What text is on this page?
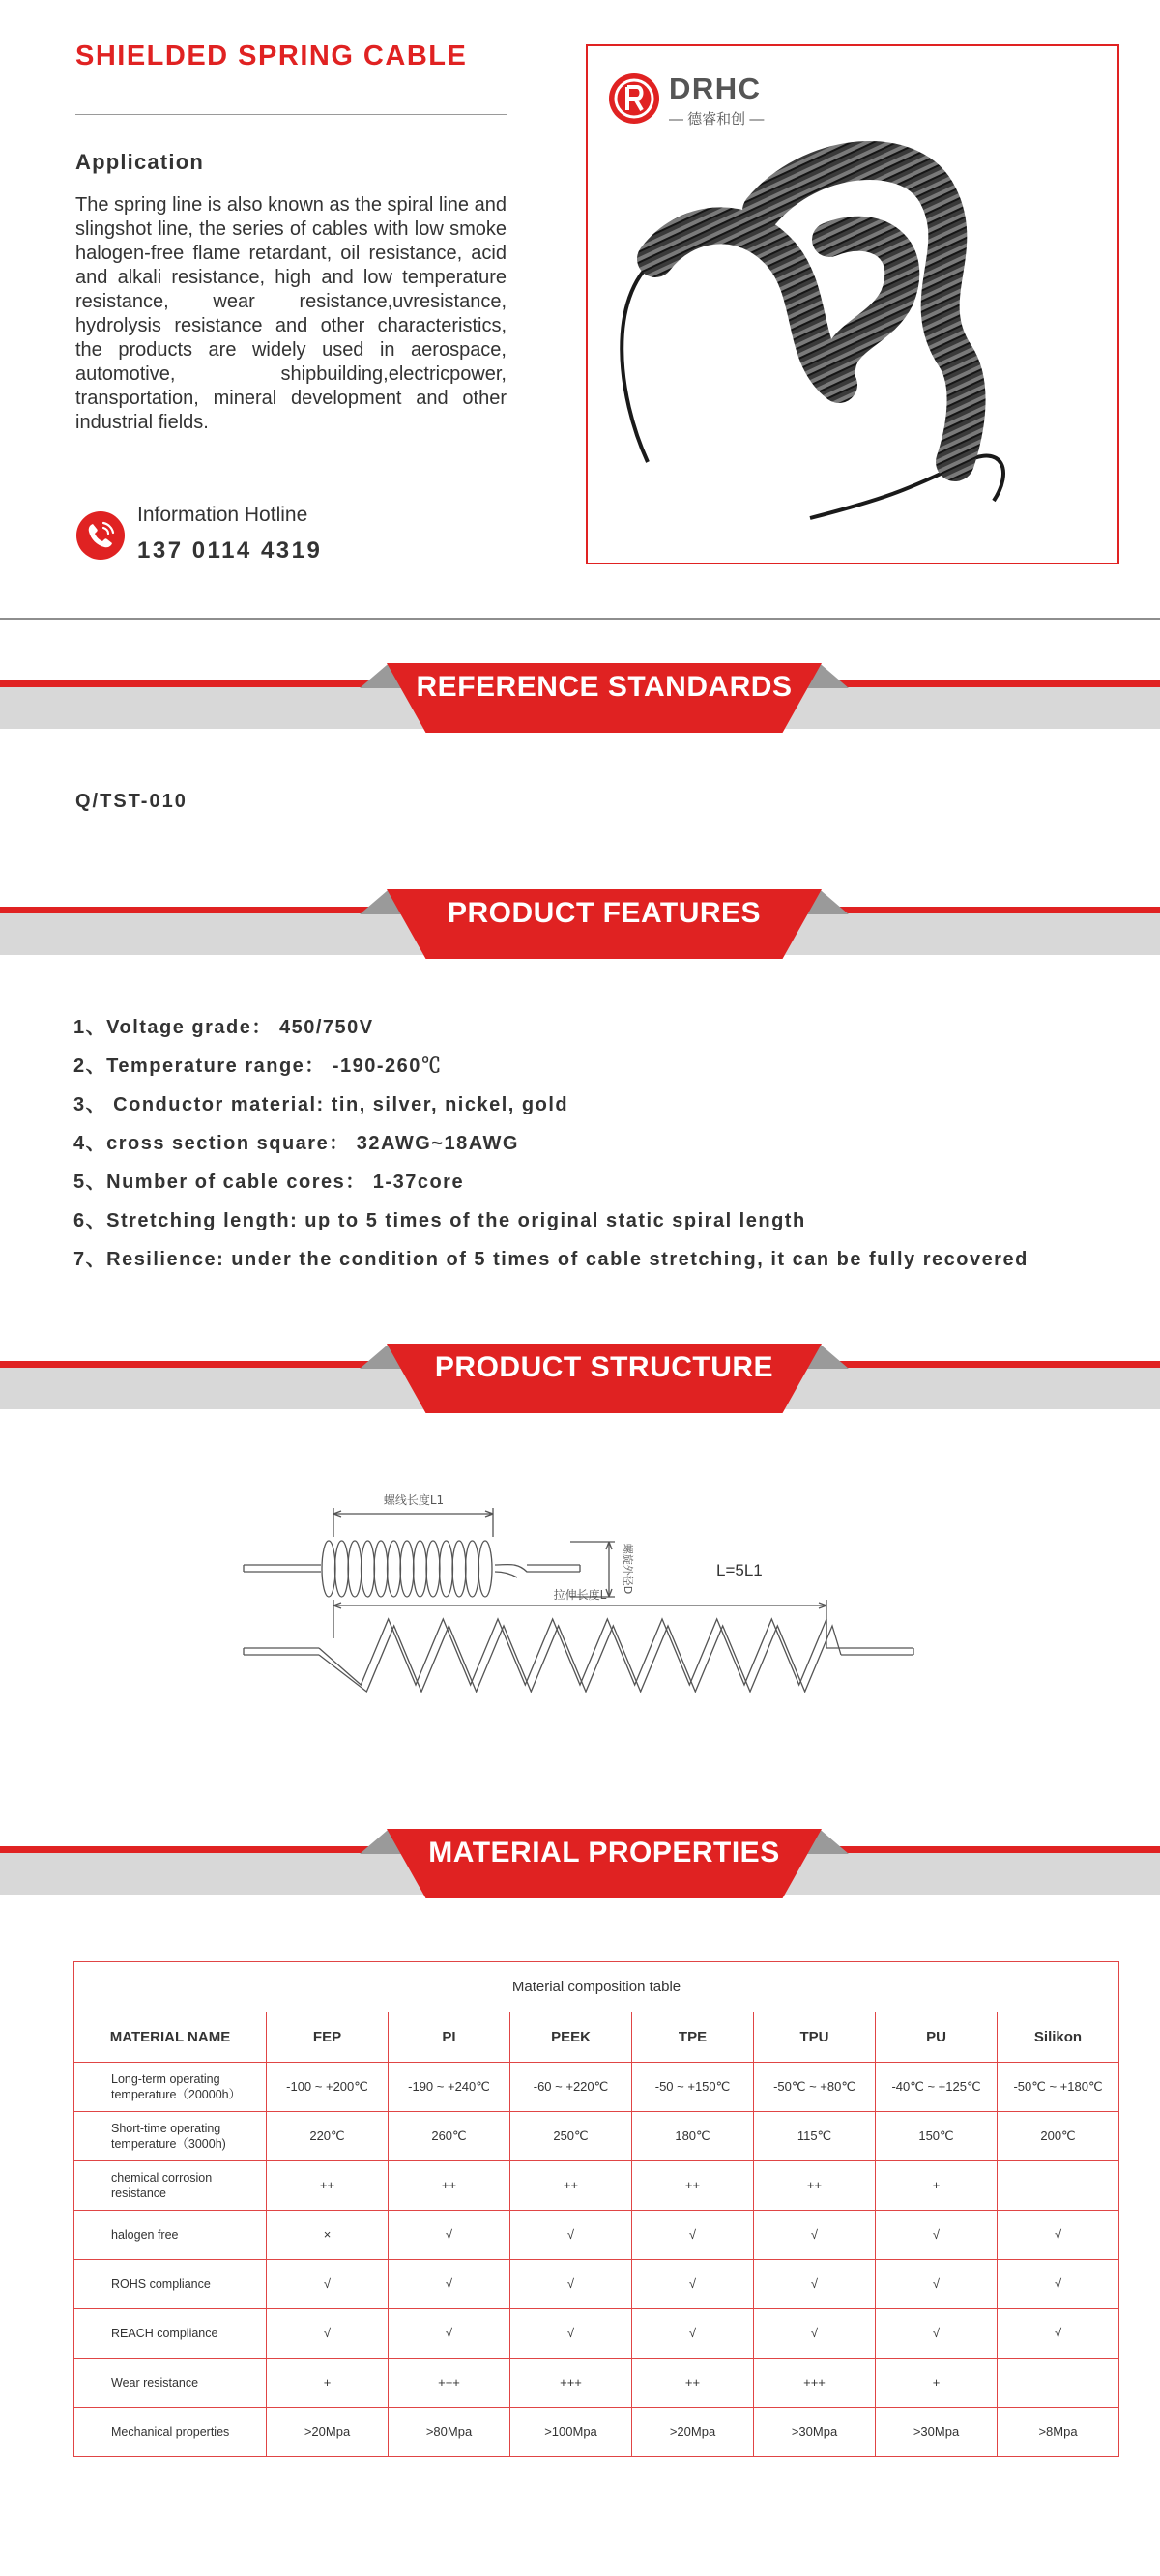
SHIELDED SPRING CABLE
Application
The spring line is also known as the spiral line and slingshot line, the series of cables with low smoke halogen-free flame retardant, oil resistance, acid and alkali resistance, high and low temperature resistance, wear resistance,uvresistance, hydrolysis resistance and other characteristics, the products are widely used in aerospace, automotive, shipbuilding,electricpower, transportation, mineral development and other industrial fields.
Information Hotline
137 0114 4319
DRHC
— 德睿和创 —
REFERENCE STANDARDS
Q/TST-010
PRODUCT FEATURES
1、Voltage grade： 450/750V
2、Temperature range： -190-260℃
3、 Conductor material: tin, silver, nickel, gold
4、cross section square： 32AWG~18AWG
5、Number of cable cores： 1-37core
6、Stretching length: up to 5 times of the original static spiral length
7、Resilience: under the condition of 5 times of cable stretching, it can be fully recovered
PRODUCT STRUCTURE
螺线长度L1
螺旋外径D	L=5L1
拉伸长度L
MATERIAL PROPERTIES
Material composition table							
MATERIAL NAME	FEP	PI	PEEK	TPE	TPU	PU	Silikon
Long-term operating temperature（20000h）	-100 ~ +200℃	-190 ~ +240℃	-60 ~ +220℃	-50 ~ +150℃	-50℃ ~ +80℃	-40℃ ~ +125℃	-50℃ ~ +180℃
Short-time operating temperature（3000h)	220℃	260℃	250℃	180℃	115℃	150℃	200℃
chemical corrosion resistance	++	++	++	++	++	+	
halogen free	×	√	√	√	√	√	√
ROHS compliance	√	√	√	√	√	√	√
REACH compliance	√	√	√	√	√	√	√
Wear resistance	+	+++	+++	++	+++	+	
Mechanical properties	>20Mpa	>80Mpa	>100Mpa	>20Mpa	>30Mpa	>30Mpa	>8Mpa
